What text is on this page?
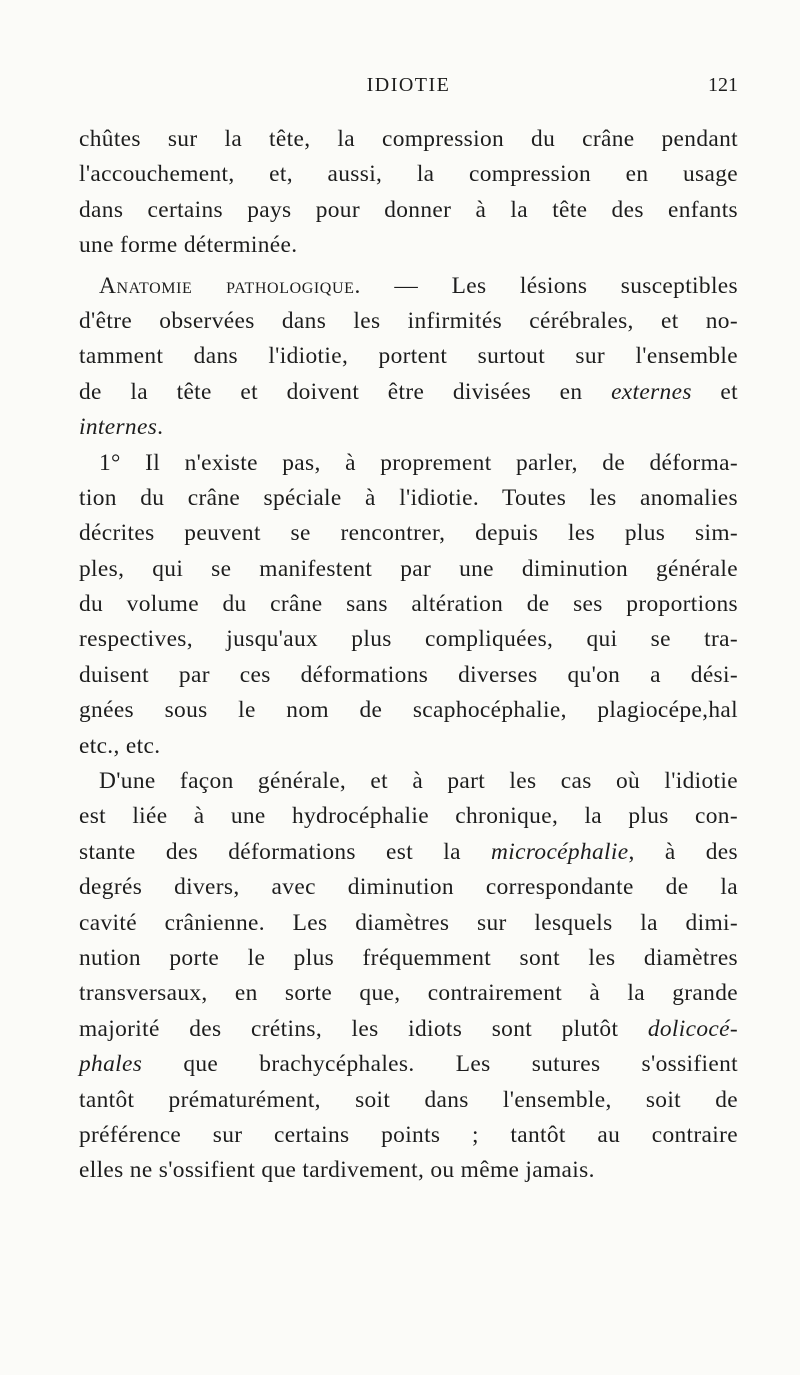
IDIOTIE	121
chûtes sur la tête, la compression du crâne pendant
l'accouchement, et, aussi, la compression en usage
dans certains pays pour donner à la tête des enfants
une forme déterminée.
Anatomie pathologique. — Les lésions susceptibles
d'être observées dans les infirmités cérébrales, et no-
tamment dans l'idiotie, portent surtout sur l'ensemble
de la tête et doivent être divisées en externes et
internes.
1° Il n'existe pas, à proprement parler, de déforma-
tion du crâne spéciale à l'idiotie. Toutes les anomalies
décrites peuvent se rencontrer, depuis les plus sim-
ples, qui se manifestent par une diminution générale
du volume du crâne sans altération de ses proportions
respectives, jusqu'aux plus compliquées, qui se tra-
duisent par ces déformations diverses qu'on a dési-
gnées sous le nom de scaphocéphalie, plagiocépe,hal
etc., etc.
D'une façon générale, et à part les cas où l'idiotie
est liée à une hydrocéphalie chronique, la plus con-
stante des déformations est la microcéphalie, à des
degrés divers, avec diminution correspondante de la
cavité crânienne. Les diamètres sur lesquels la dimi-
nution porte le plus fréquemment sont les diamètres
transversaux, en sorte que, contrairement à la grande
majorité des crétins, les idiots sont plutôt dolicocé-
phales que brachycéphales. Les sutures s'ossifient
tantôt prématurément, soit dans l'ensemble, soit de
préférence sur certains points ; tantôt au contraire
elles ne s'ossifient que tardivement, ou même jamais.
